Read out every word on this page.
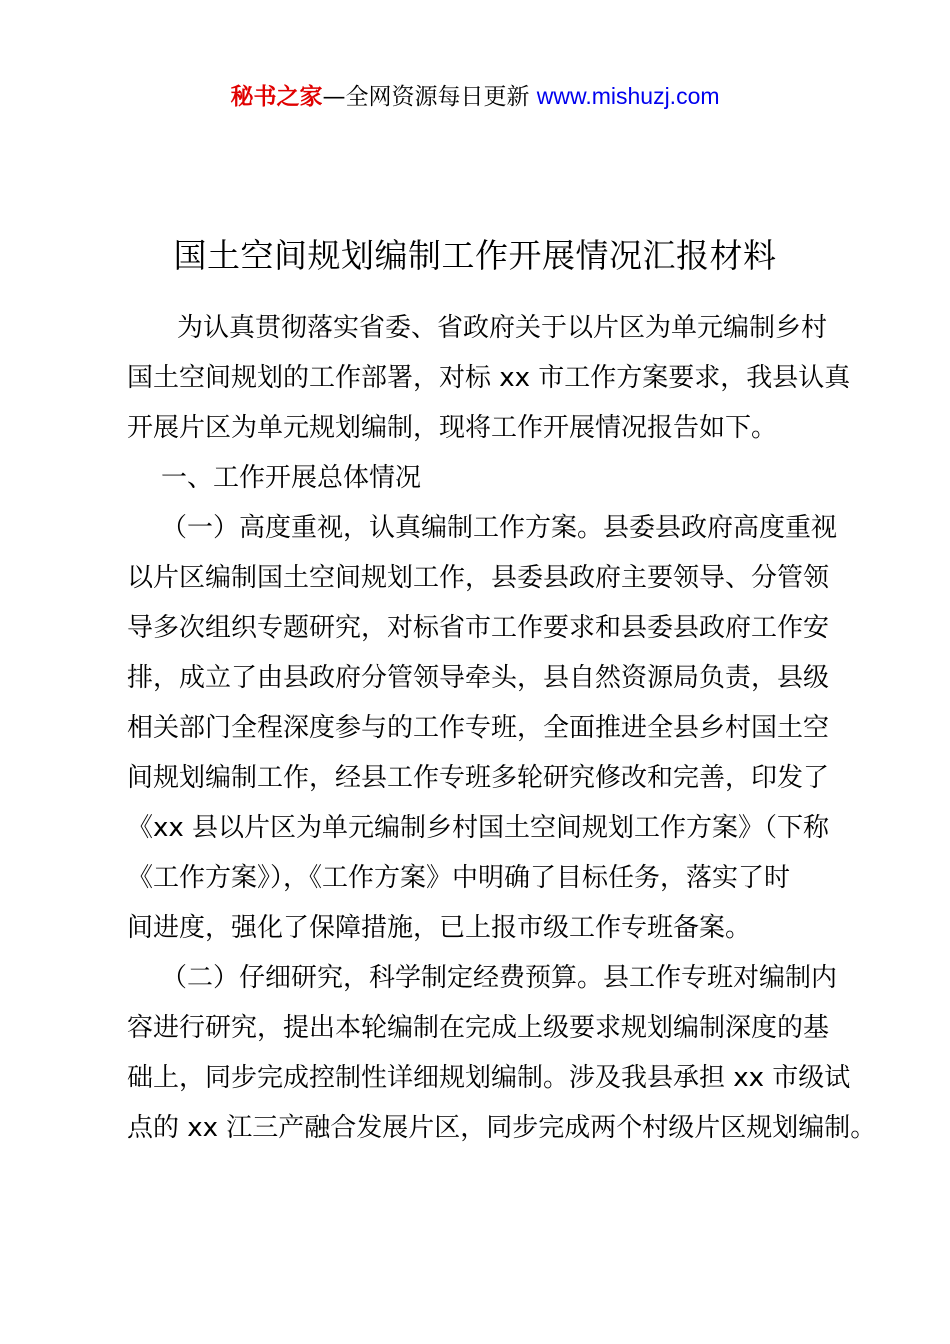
秘书之家—全网资源每日更新 www.mishuzj.com
国土空间规划编制工作开展情况汇报材料
为认真贯彻落实省委、省政府关于以片区为单元编制乡村
国土空间规划的工作部署，对标 xx 市工作方案要求，我县认真
开展片区为单元规划编制，现将工作开展情况报告如下。
一、工作开展总体情况
（一）高度重视，认真编制工作方案。县委县政府高度重视
以片区编制国土空间规划工作，县委县政府主要领导、分管领
导多次组织专题研究，对标省市工作要求和县委县政府工作安
排，成立了由县政府分管领导牵头，县自然资源局负责，县级
相关部门全程深度参与的工作专班，全面推进全县乡村国土空
间规划编制工作，经县工作专班多轮研究修改和完善，印发了
《xx 县以片区为单元编制乡村国土空间规划工作方案》（下称
《工作方案》），《工作方案》中明确了目标任务，落实了时
间进度，强化了保障措施，已上报市级工作专班备案。
（二）仔细研究，科学制定经费预算。县工作专班对编制内
容进行研究，提出本轮编制在完成上级要求规划编制深度的基
础上，同步完成控制性详细规划编制。涉及我县承担 xx 市级试
点的 xx 江三产融合发展片区，同步完成两个村级片区规划编制。
